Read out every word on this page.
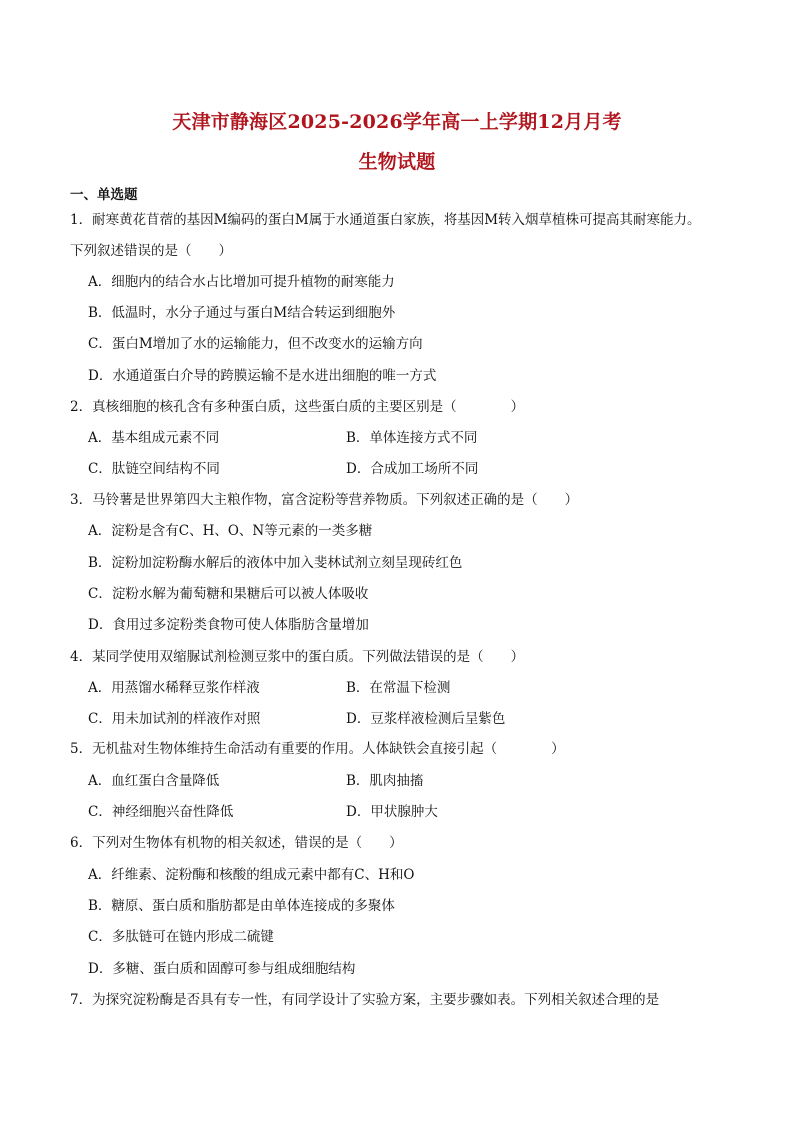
天津市静海区2025-2026学年高一上学期12月月考
生物试题
一、单选题
1．耐寒黄花苜蓿的基因M编码的蛋白M属于水通道蛋白家族，将基因M转入烟草植株可提高其耐寒能力。
下列叙述错误的是（　　）
A．细胞内的结合水占比增加可提升植物的耐寒能力
B．低温时，水分子通过与蛋白M结合转运到细胞外
C．蛋白M增加了水的运输能力，但不改变水的运输方向
D．水通道蛋白介导的跨膜运输不是水进出细胞的唯一方式
2．真核细胞的核孔含有多种蛋白质，这些蛋白质的主要区别是（　　　　）
A．基本组成元素不同	B．单体连接方式不同
C．肽链空间结构不同	D．合成加工场所不同
3．马铃薯是世界第四大主粮作物，富含淀粉等营养物质。下列叙述正确的是（　　）
A．淀粉是含有C、H、O、N等元素的一类多糖
B．淀粉加淀粉酶水解后的液体中加入斐林试剂立刻呈现砖红色
C．淀粉水解为葡萄糖和果糖后可以被人体吸收
D．食用过多淀粉类食物可使人体脂肪含量增加
4．某同学使用双缩脲试剂检测豆浆中的蛋白质。下列做法错误的是（　　）
A．用蒸馏水稀释豆浆作样液	B．在常温下检测
C．用未加试剂的样液作对照	D．豆浆样液检测后呈紫色
5．无机盐对生物体维持生命活动有重要的作用。人体缺铁会直接引起（　　　　）
A．血红蛋白含量降低	B．肌肉抽搐
C．神经细胞兴奋性降低	D．甲状腺肿大
6．下列对生物体有机物的相关叙述，错误的是（　　）
A．纤维素、淀粉酶和核酸的组成元素中都有C、H和O
B．糖原、蛋白质和脂肪都是由单体连接成的多聚体
C．多肽链可在链内形成二硫键
D．多糖、蛋白质和固醇可参与组成细胞结构
7．为探究淀粉酶是否具有专一性，有同学设计了实验方案，主要步骤如表。下列相关叙述合理的是
